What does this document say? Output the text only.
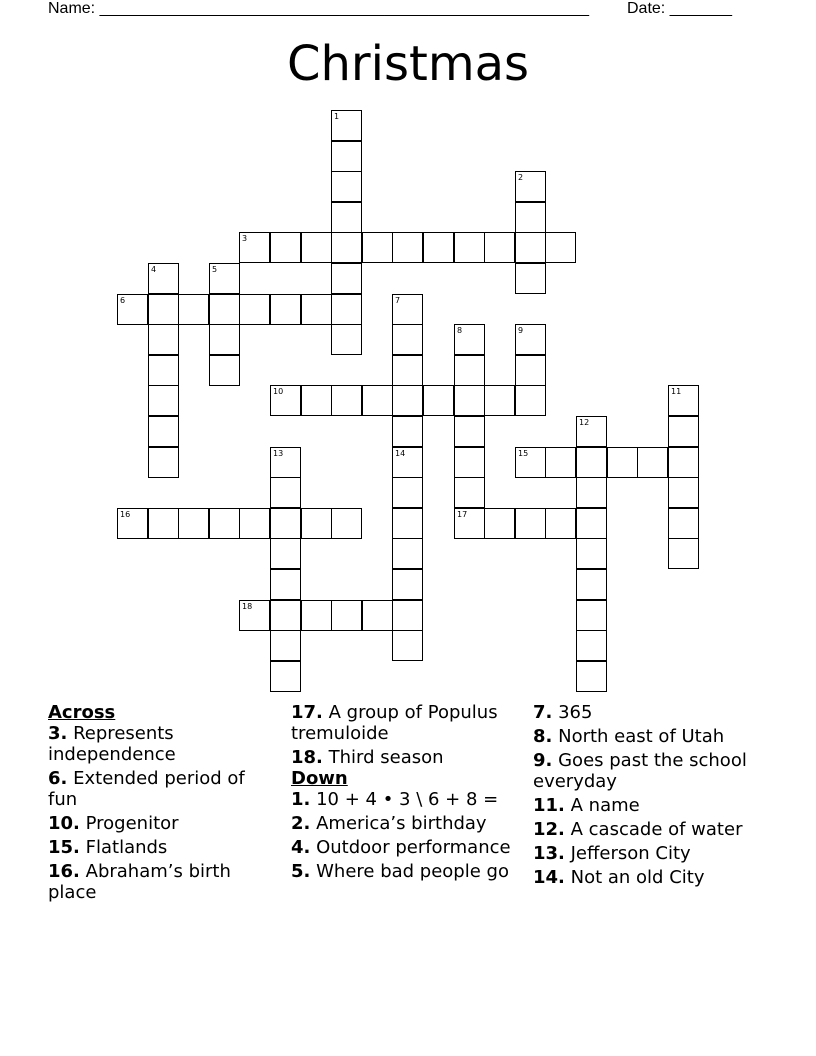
Name: _______________________________________________________ Date: _______
Christmas
1
2
3
4	5
6	7
8	9
10	11
12
13	14	15
16	17
18
Across
3. Represents independence
6. Extended period of fun
10. Progenitor
15. Flatlands
16. Abraham’s birth place
17. A group of Populus tremuloide
18. Third season
Down
1. 10 + 4 • 3 \ 6 + 8 =
2. America’s birthday
4. Outdoor performance
5. Where bad people go
7. 365
8. North east of Utah
9. Goes past the school everyday
11. A name
12. A cascade of water
13. Jefferson City
14. Not an old City
